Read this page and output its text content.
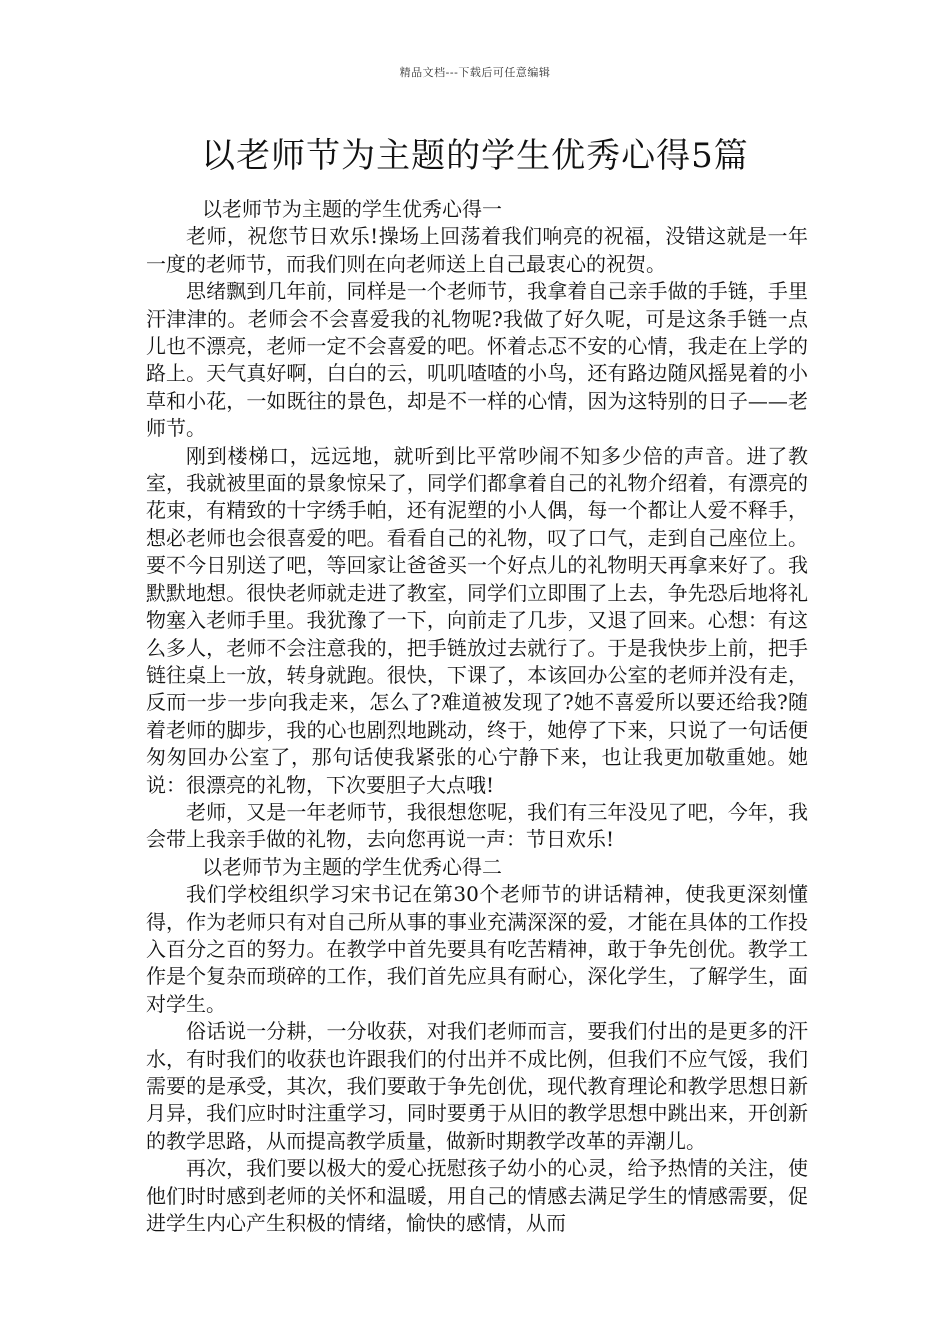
精品文档---下载后可任意编辑
以老师节为主题的学生优秀心得5篇

以老师节为主题的学生优秀心得一

老师，祝您节日欢乐!操场上回荡着我们响亮的祝福，没错这就是一年一度的老师节，而我们则在向老师送上自己最衷心的祝贺。

思绪飘到几年前，同样是一个老师节，我拿着自己亲手做的手链，手里汗津津的。老师会不会喜爱我的礼物呢?我做了好久呢，可是这条手链一点儿也不漂亮，老师一定不会喜爱的吧。怀着忐忑不安的心情，我走在上学的路上。天气真好啊，白白的云，叽叽喳喳的小鸟，还有路边随风摇晃着的小草和小花，一如既往的景色，却是不一样的心情，因为这特别的日子——老师节。

刚到楼梯口，远远地，就听到比平常吵闹不知多少倍的声音。进了教室，我就被里面的景象惊呆了，同学们都拿着自己的礼物介绍着，有漂亮的花束，有精致的十字绣手帕，还有泥塑的小人偶，每一个都让人爱不释手，想必老师也会很喜爱的吧。看看自己的礼物，叹了口气，走到自己座位上。要不今日别送了吧，等回家让爸爸买一个好点儿的礼物明天再拿来好了。我默默地想。很快老师就走进了教室，同学们立即围了上去，争先恐后地将礼物塞入老师手里。我犹豫了一下，向前走了几步，又退了回来。心想：有这么多人，老师不会注意我的，把手链放过去就行了。于是我快步上前，把手链往桌上一放，转身就跑。很快，下课了，本该回办公室的老师并没有走，反而一步一步向我走来，怎么了?难道被发现了?她不喜爱所以要还给我?随着老师的脚步，我的心也剧烈地跳动，终于，她停了下来，只说了一句话便匆匆回办公室了，那句话使我紧张的心宁静下来，也让我更加敬重她。她说：很漂亮的礼物，下次要胆子大点哦!

老师，又是一年老师节，我很想您呢，我们有三年没见了吧，今年，我会带上我亲手做的礼物，去向您再说一声：节日欢乐!

以老师节为主题的学生优秀心得二

我们学校组织学习宋书记在第30个老师节的讲话精神，使我更深刻懂得，作为老师只有对自己所从事的事业充满深深的爱，才能在具体的工作投入百分之百的努力。在教学中首先要具有吃苦精神，敢于争先创优。教学工作是个复杂而琐碎的工作，我们首先应具有耐心，深化学生，了解学生，面对学生。

俗话说一分耕，一分收获，对我们老师而言，要我们付出的是更多的汗水，有时我们的收获也许跟我们的付出并不成比例，但我们不应气馁，我们需要的是承受，其次，我们要敢于争先创优，现代教育理论和教学思想日新月异，我们应时时注重学习，同时要勇于从旧的教学思想中跳出来，开创新的教学思路，从而提高教学质量，做新时期教学改革的弄潮儿。

再次，我们要以极大的爱心抚慰孩子幼小的心灵，给予热情的关注，使他们时时感到老师的关怀和温暖，用自己的情感去满足学生的情感需要，促进学生内心产生积极的情绪，愉快的感情，从而
